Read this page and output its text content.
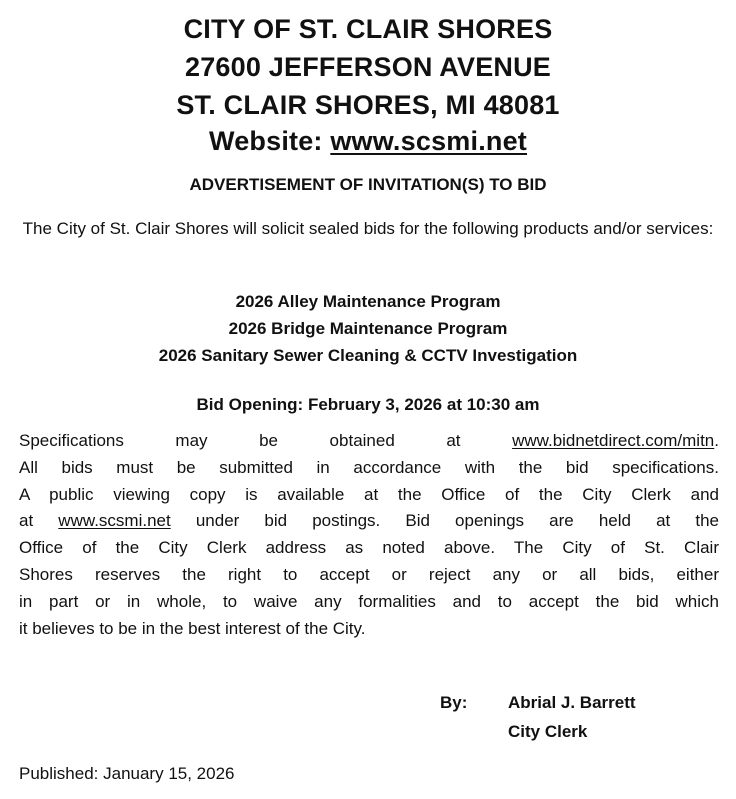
CITY OF ST. CLAIR SHORES
27600 JEFFERSON AVENUE
ST. CLAIR SHORES, MI 48081
Website: www.scsmi.net
ADVERTISEMENT OF INVITATION(S) TO BID
The City of St. Clair Shores will solicit sealed bids for the following products and/or services:
2026 Alley Maintenance Program
2026 Bridge Maintenance Program
2026 Sanitary Sewer Cleaning & CCTV Investigation
Bid Opening: February 3, 2026 at 10:30 am
Specifications may be obtained at	www.bidnetdirect.com/mitn.
All bids must be submitted in accordance with the bid specifications.
A public viewing copy is available at the Office of the City Clerk and
at www.scsmi.net under bid postings. Bid openings are held at the
Office of the City Clerk address as noted above. The City of St. Clair
Shores reserves the right to accept or reject any or all bids, either
in part or in whole, to waive any formalities and to accept the bid which
it believes to be in the best interest of the City.
By:	Abrial J. Barrett
City Clerk
Published: January 15, 2026
